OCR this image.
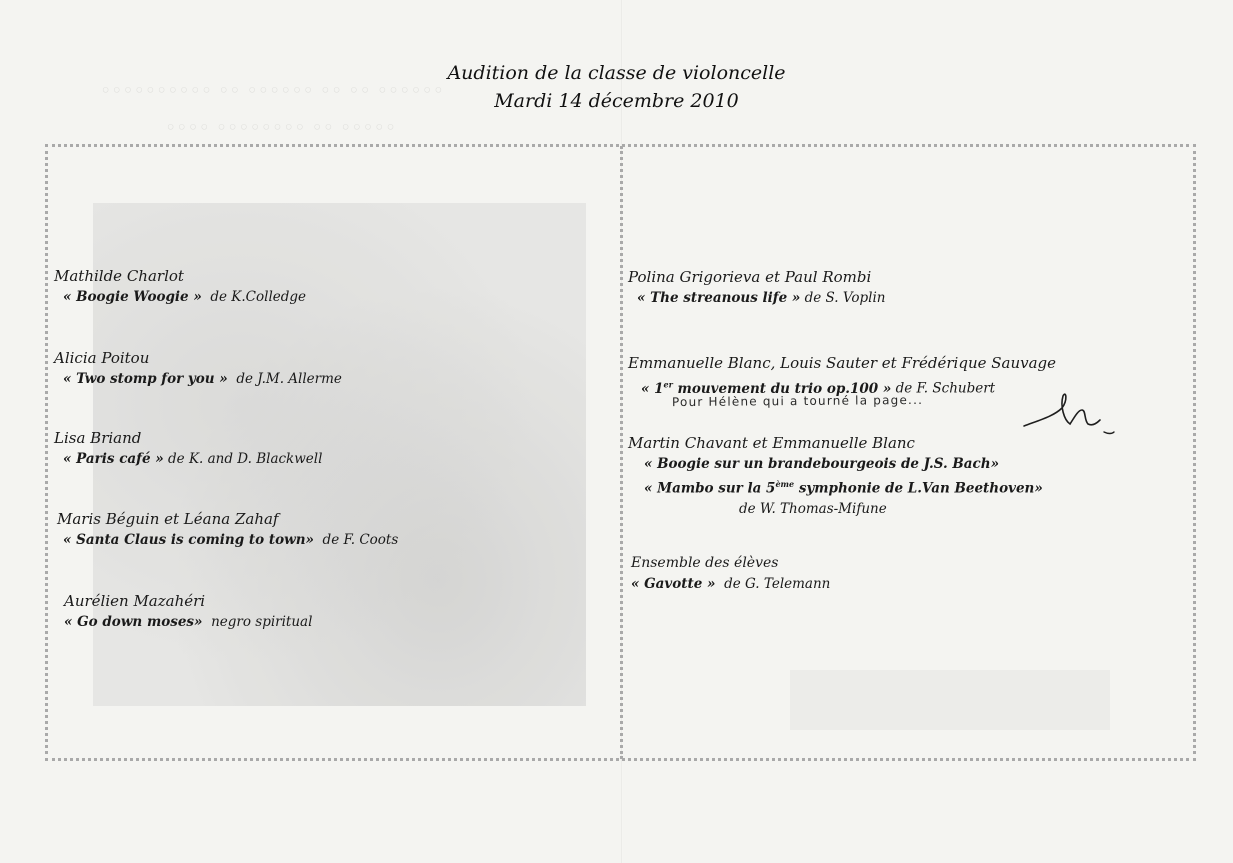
◦◦◦◦◦◦ ◦◦ ◦◦ ◦◦◦◦◦◦ ◦◦ ◦◦◦◦◦◦◦◦◦◦
◦◦◦◦◦ ◦◦ ◦◦◦◦◦◦◦◦ ◦◦◦◦
Audition de la classe de violoncelle
Mardi 14 décembre 2010
Mathilde Charlot
« Boogie Woogie » de K.Colledge
Alicia Poitou
« Two stomp for you » de J.M. Allerme
Lisa Briand
« Paris café » de K. and D. Blackwell
Maris Béguin et Léana Zahaf
« Santa Claus is coming to town» de F. Coots
Aurélien Mazahéri
« Go down moses» negro spiritual
Polina Grigorieva et Paul Rombi
« The streanous life » de S. Voplin
Emmanuelle Blanc, Louis Sauter et Frédérique Sauvage
« 1er mouvement du trio op.100 » de F. Schubert
Pour Hélène qui a tourné la page...
Martin Chavant et Emmanuelle Blanc
« Boogie sur un brandebourgeois de J.S. Bach»
« Mambo sur la 5ème symphonie de L.Van Beethoven»
de W. Thomas-Mifune
Ensemble des élèves
« Gavotte » de G. Telemann
